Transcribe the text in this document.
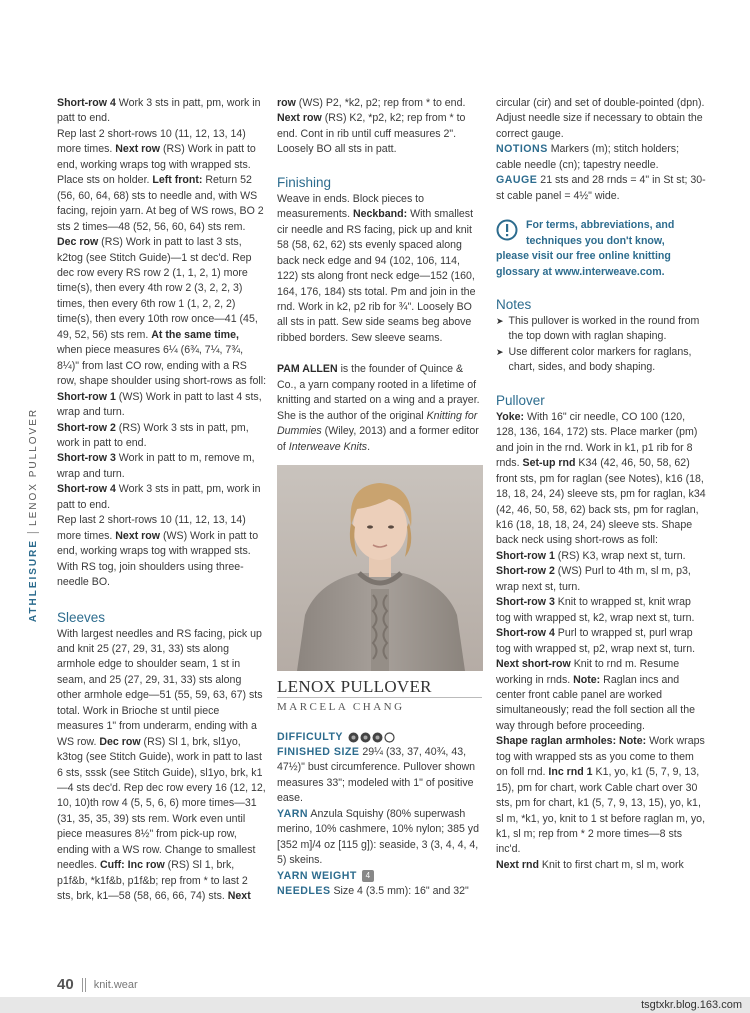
ATHLEISURE
LENOX PULLOVER

Short-row 4 Work 3 sts in patt, pm, work in patt to end.

Rep last 2 short-rows 10 (11, 12, 13, 14) more times. Next row (RS) Work in patt to end, working wraps tog with wrapped sts. Place sts on holder. Left front: Return 52 (56, 60, 64, 68) sts to needle and, with WS facing, rejoin yarn. At beg of WS rows, BO 2 sts 2 times—48 (52, 56, 60, 64) sts rem. Dec row (RS) Work in patt to last 3 sts, k2tog (see Stitch Guide)—1 st dec'd. Rep dec row every RS row 2 (1, 1, 2, 1) more time(s), then every 4th row 2 (3, 2, 2, 3) times, then every 6th row 1 (1, 2, 2, 2) time(s), then every 10th row once—41 (45, 49, 52, 56) sts rem. At the same time, when piece measures 6¼ (6¾, 7¼, 7¾, 8¼)" from last CO row, ending with a RS row, shape shoulder using short-rows as foll:

Short-row 1 (WS) Work in patt to last 4 sts, wrap and turn.

Short-row 2 (RS) Work 3 sts in patt, pm, work in patt to end.

Short-row 3 Work in patt to m, remove m, wrap and turn.

Short-row 4 Work 3 sts in patt, pm, work in patt to end.

Rep last 2 short-rows 10 (11, 12, 13, 14) more times. Next row (WS) Work in patt to end, working wraps tog with wrapped sts. With RS tog, join shoulders using three-needle BO.

Sleeves

With largest needles and RS facing, pick up and knit 25 (27, 29, 31, 33) sts along armhole edge to shoulder seam, 1 st in seam, and 25 (27, 29, 31, 33) sts along other armhole edge—51 (55, 59, 63, 67) sts total. Work in Brioche st until piece measures 1" from underarm, ending with a WS row. Dec row (RS) Sl 1, brk, sl1yo, k3tog (see Stitch Guide), work in patt to last 6 sts, sssk (see Stitch Guide), sl1yo, brk, k1—4 sts dec'd. Rep dec row every 16 (12, 12, 10, 10)th row 4 (5, 5, 6, 6) more times—31 (31, 35, 35, 39) sts rem. Work even until piece measures 8½" from pick-up row, ending with a WS row. Change to smallest needles. Cuff: Inc row (RS) Sl 1, brk, p1f&b, *k1f&b, p1f&b; rep from * to last 2 sts, brk, k1—58 (58, 66, 66, 74) sts. Next

row (WS) P2, *k2, p2; rep from * to end. Next row (RS) K2, *p2, k2; rep from * to end. Cont in rib until cuff measures 2". Loosely BO all sts in patt.

Finishing

Weave in ends. Block pieces to measurements. Neckband: With smallest cir needle and RS facing, pick up and knit 58 (58, 62, 62) sts evenly spaced along back neck edge and 94 (102, 106, 114, 122) sts along front neck edge—152 (160, 164, 176, 184) sts total. Pm and join in the rnd. Work in k2, p2 rib for ¾". Loosely BO all sts in patt. Sew side seams beg above ribbed borders. Sew sleeve seams.

PAM ALLEN is the founder of Quince & Co., a yarn company rooted in a lifetime of knitting and started on a wing and a prayer. She is the author of the original Knitting for Dummies (Wiley, 2013) and a former editor of Interweave Knits.

LENOX PULLOVER
MARCELA CHANG

DIFFICULTY

FINISHED SIZE 29¼ (33, 37, 40¾, 43, 47½)" bust circumference. Pullover shown measures 33"; modeled with 1" of positive ease.

YARN Anzula Squishy (80% superwash merino, 10% cashmere, 10% nylon; 385 yd [352 m]/4 oz [115 g]): seaside, 3 (3, 4, 4, 4, 5) skeins.

YARN WEIGHT	4

NEEDLES Size 4 (3.5 mm): 16" and 32"

circular (cir) and set of double-pointed (dpn). Adjust needle size if necessary to obtain the correct gauge.

NOTIONS Markers (m); stitch holders; cable needle (cn); tapestry needle.

GAUGE 21 sts and 28 rnds = 4" in St st; 30-st cable panel = 4½" wide.

For terms, abbreviations, and techniques you don't know,

please visit our free online knitting glossary at www.interweave.com.

Notes
➤ This pullover is worked in the round from the top down with raglan shaping.
➤ Use different color markers for raglans, chart, sides, and body shaping.
Pullover

Yoke: With 16" cir needle, CO 100 (120, 128, 136, 164, 172) sts. Place marker (pm) and join in the rnd. Work in k1, p1 rib for 8 rnds. Set-up rnd K34 (42, 46, 50, 58, 62) front sts, pm for raglan (see Notes), k16 (18, 18, 18, 24, 24) sleeve sts, pm for raglan, k34 (42, 46, 50, 58, 62) back sts, pm for raglan, k16 (18, 18, 18, 24, 24) sleeve sts. Shape back neck using short-rows as foll:

Short-row 1 (RS) K3, wrap next st, turn.

Short-row 2 (WS) Purl to 4th m, sl m, p3, wrap next st, turn.

Short-row 3 Knit to wrapped st, knit wrap tog with wrapped st, k2, wrap next st, turn.

Short-row 4 Purl to wrapped st, purl wrap tog with wrapped st, p2, wrap next st, turn.

Next short-row Knit to rnd m. Resume working in rnds. Note: Raglan incs and center front cable panel are worked simultaneously; read the foll section all the way through before proceeding.

Shape raglan armholes: Note: Work wraps tog with wrapped sts as you come to them on foll rnd. Inc rnd 1 K1, yo, k1 (5, 7, 9, 13, 15), pm for chart, work Cable chart over 30 sts, pm for chart, k1 (5, 7, 9, 13, 15), yo, k1, sl m, *k1, yo, knit to 1 st before raglan m, yo, k1, sl m; rep from * 2 more times—8 sts inc'd.

Next rnd Knit to first chart m, sl m, work

40 knit.wear
tsgtxkr.blog.163.com
